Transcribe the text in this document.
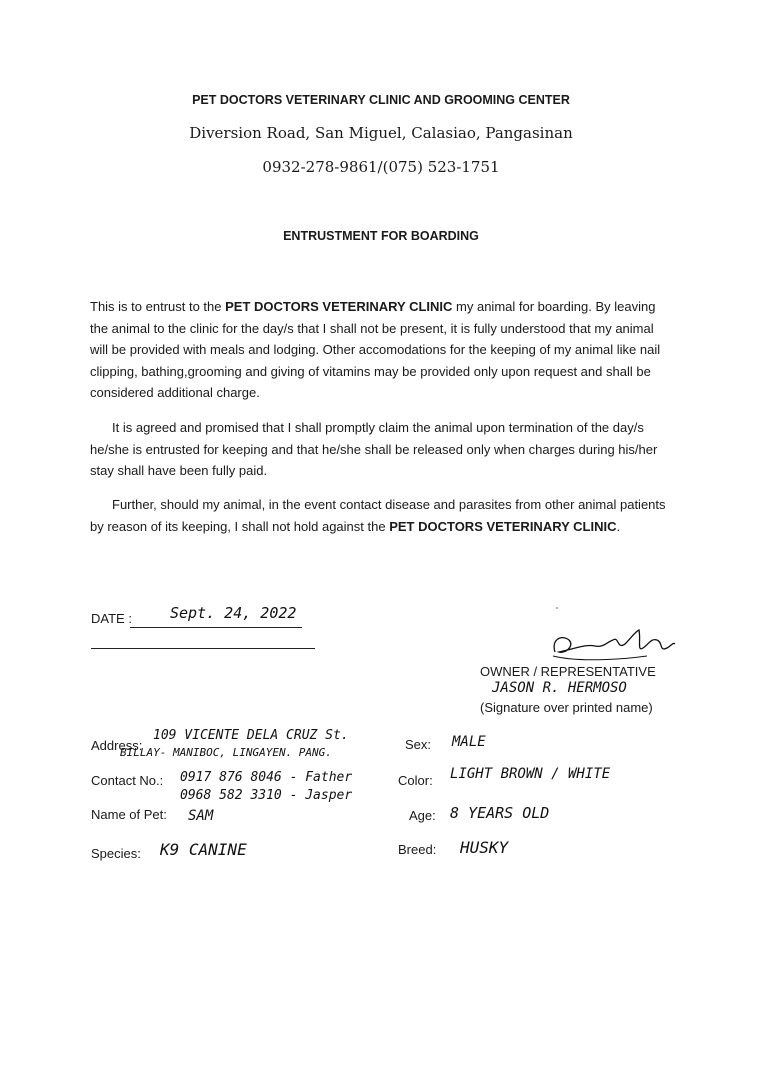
PET DOCTORS VETERINARY CLINIC AND GROOMING CENTER
Diversion Road, San Miguel, Calasiao, Pangasinan
0932-278-9861/(075) 523-1751
ENTRUSTMENT FOR BOARDING
This is to entrust to the PET DOCTORS VETERINARY CLINIC my animal for boarding. By leaving the animal to the clinic for the day/s that I shall not be present, it is fully understood that my animal will be provided with meals and lodging. Other accomodations for the keeping of my animal like nail clipping, bathing,grooming and giving of vitamins may be provided only upon request and shall be considered additional charge.
It is agreed and promised that I shall promptly claim the animal upon termination of the day/s he/she is entrusted for keeping and that he/she shall be released only when charges during his/her stay shall have been fully paid.
Further, should my animal, in the event contact disease and parasites from other animal patients by reason of its keeping, I shall not hold against the PET DOCTORS VETERINARY CLINIC.
DATE :	Sept. 24, 2022	ˈ
OWNER / REPRESENTATIVE
JASON R. HERMOSO
(Signature over printed name)
Address:
109 VICENTE DELA CRUZ St.
BILLAY- MANIBOC, LINGAYEN. PANG.
Contact No.: 0917 876 8046 - Father
0968 582 3310 - Jasper
Name of Pet: SAM
Species: K9 CANINE
Sex: MALE
Color: LIGHT BROWN / WHITE
Age: 8 YEARS OLD
Breed: HUSKY
